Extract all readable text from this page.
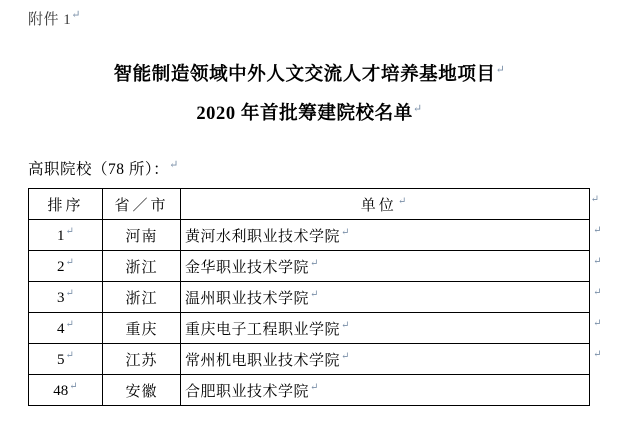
附件 1↵
智能制造领域中外人文交流人才培养基地项目↵
2020 年首批筹建院校名单↵
高职院校（78 所）：↵
排序	省／市	单位↵ ↵

1↵	河南	黄河水利职业技术学院↵ ↵

2↵	浙江	金华职业技术学院↵ ↵

3↵	浙江	温州职业技术学院↵ ↵

4↵	重庆	重庆电子工程职业学院↵ ↵

5↵	江苏	常州机电职业技术学院↵ ↵

48↵	安徽	合肥职业技术学院↵
